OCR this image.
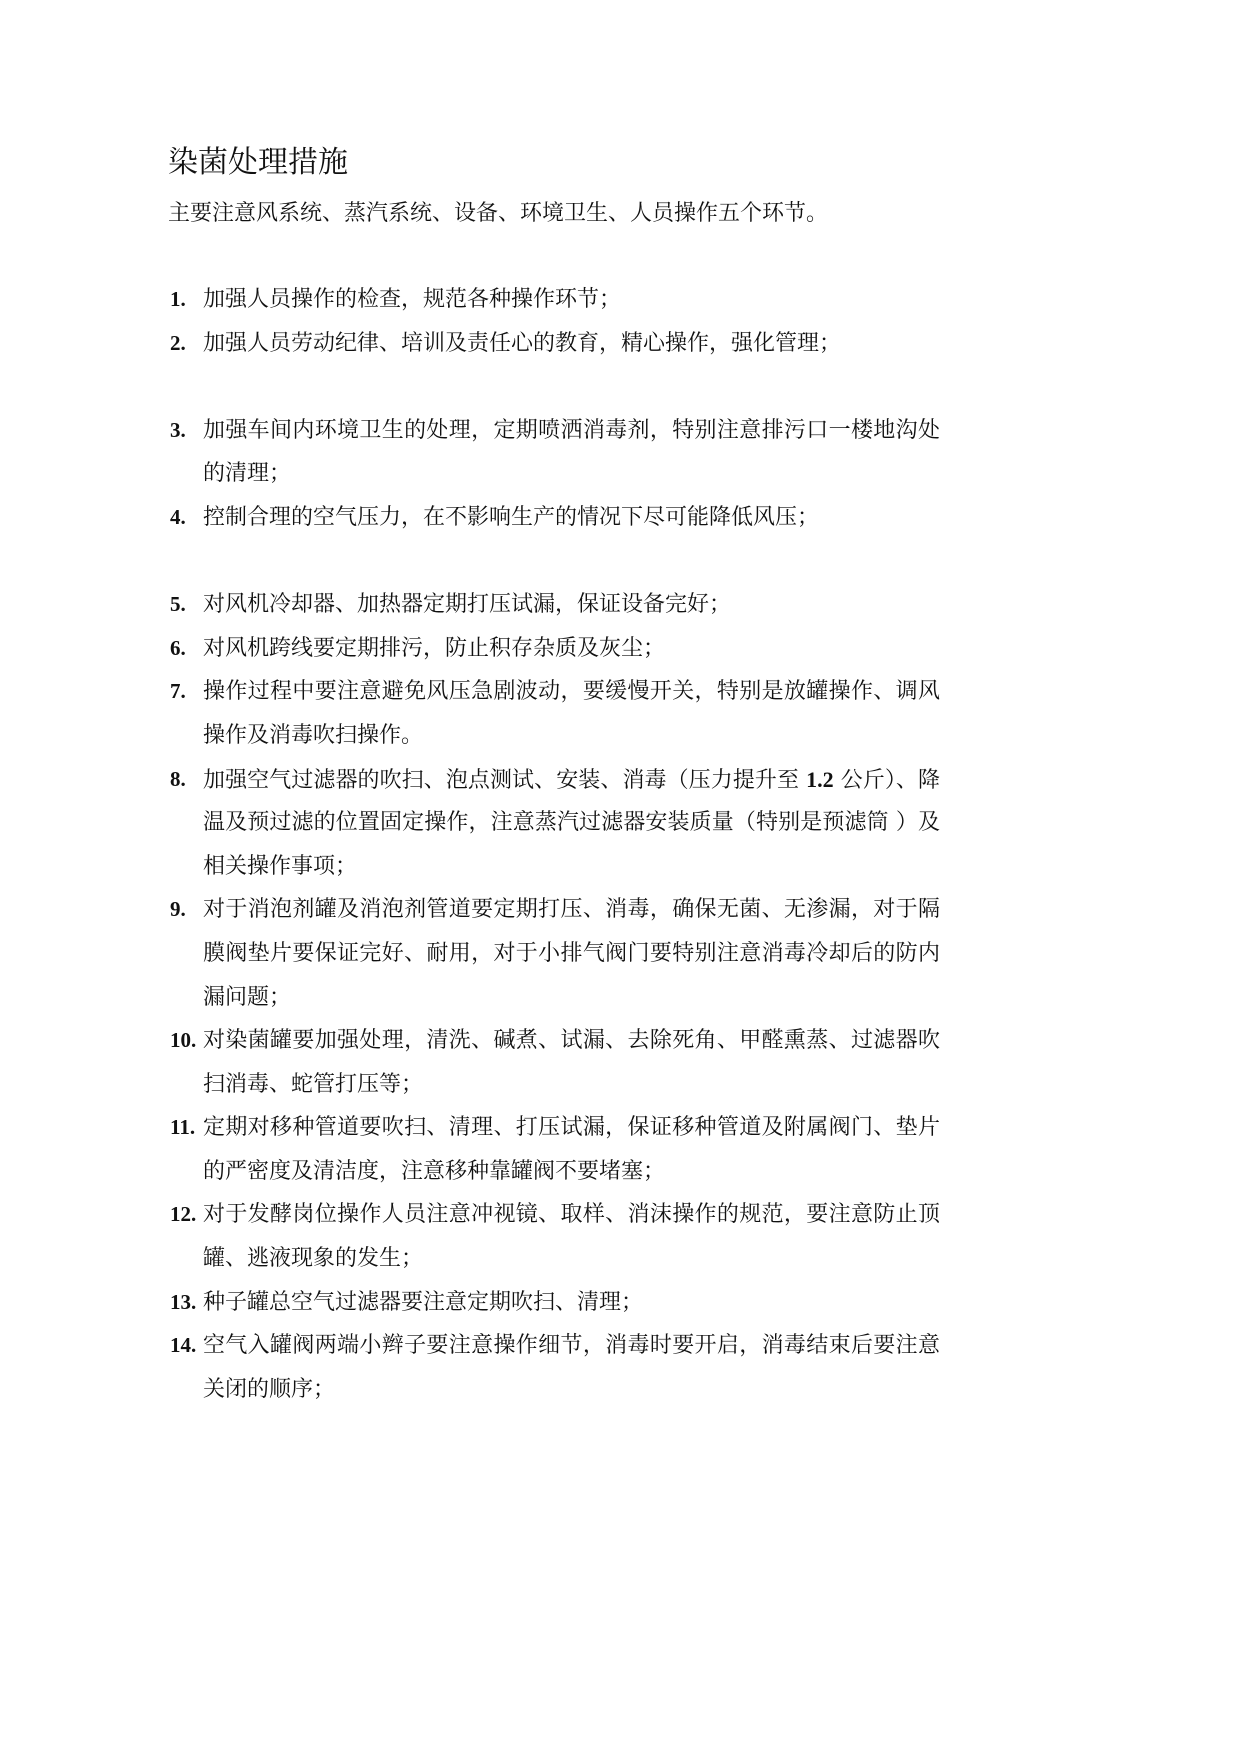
染菌处理措施
主要注意风系统、蒸汽系统、设备、环境卫生、人员操作五个环节。
1. 加强人员操作的检查，规范各种操作环节；
2. 加强人员劳动纪律、培训及责任心的教育，精心操作，强化管理；
3. 加强车间内环境卫生的处理，定期喷洒消毒剂，特别注意排污口一楼地沟处
的清理；
4. 控制合理的空气压力，在不影响生产的情况下尽可能降低风压；
5. 对风机冷却器、加热器定期打压试漏，保证设备完好；
6. 对风机跨线要定期排污，防止积存杂质及灰尘；
7. 操作过程中要注意避免风压急剧波动，要缓慢开关，特别是放罐操作、调风
操作及消毒吹扫操作。
8. 加强空气过滤器的吹扫、泡点测试、安装、消毒（压力提升至 1.2 公斤）、降
温及预过滤的位置固定操作，注意蒸汽过滤器安装质量（特别是预滤筒 ）及
相关操作事项；
9. 对于消泡剂罐及消泡剂管道要定期打压、消毒，确保无菌、无渗漏，对于隔
膜阀垫片要保证完好、耐用，对于小排气阀门要特别注意消毒冷却后的防内
漏问题；
10. 对染菌罐要加强处理，清洗、碱煮、试漏、去除死角、甲醛熏蒸、过滤器吹
扫消毒、蛇管打压等；
11. 定期对移种管道要吹扫、清理、打压试漏，保证移种管道及附属阀门、垫片
的严密度及清洁度，注意移种靠罐阀不要堵塞；
12. 对于发酵岗位操作人员注意冲视镜、取样、消沫操作的规范，要注意防止顶
罐、逃液现象的发生；
13. 种子罐总空气过滤器要注意定期吹扫、清理；
14. 空气入罐阀两端小辫子要注意操作细节，消毒时要开启，消毒结束后要注意
关闭的顺序；
